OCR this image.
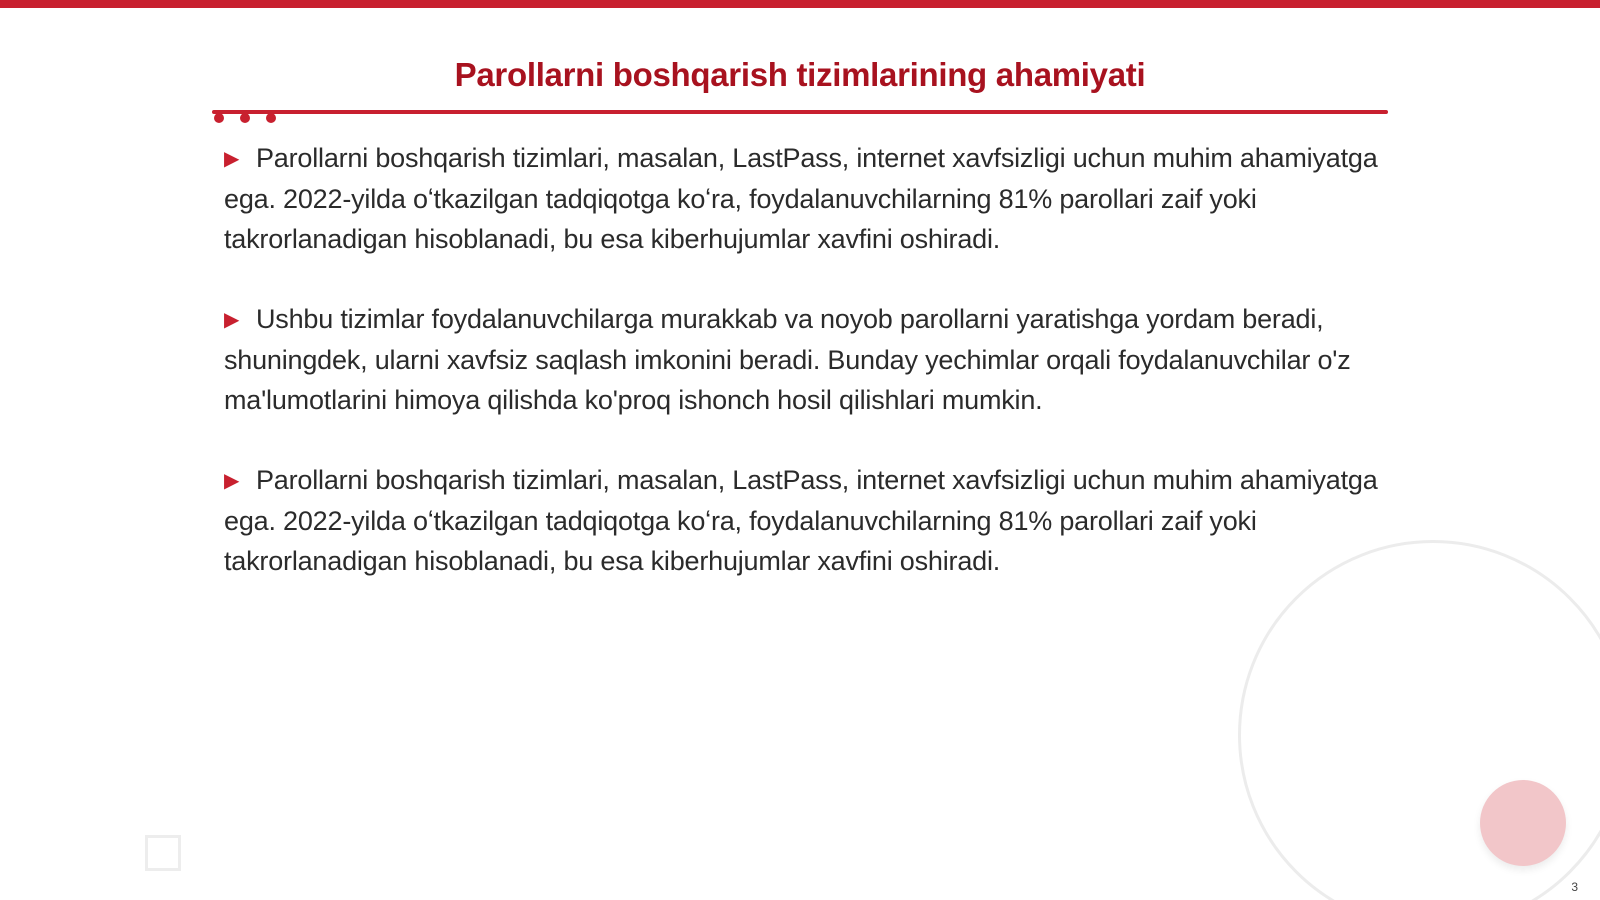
Parollarni boshqarish tizimlarining ahamiyati

▶ Parollarni boshqarish tizimlari, masalan, LastPass, internet xavfsizligi uchun muhim ahamiyatga ega. 2022-yilda oʻtkazilgan tadqiqotga koʻra, foydalanuvchilarning 81% parollari zaif yoki takrorlanadigan hisoblanadi, bu esa kiberhujumlar xavfini oshiradi.

▶ Ushbu tizimlar foydalanuvchilarga murakkab va noyob parollarni yaratishga yordam beradi, shuningdek, ularni xavfsiz saqlash imkonini beradi. Bunday yechimlar orqali foydalanuvchilar o'z ma'lumotlarini himoya qilishda ko'proq ishonch hosil qilishlari mumkin.

▶ Parollarni boshqarish tizimlari, masalan, LastPass, internet xavfsizligi uchun muhim ahamiyatga ega. 2022-yilda oʻtkazilgan tadqiqotga koʻra, foydalanuvchilarning 81% parollari zaif yoki takrorlanadigan hisoblanadi, bu esa kiberhujumlar xavfini oshiradi.

3
